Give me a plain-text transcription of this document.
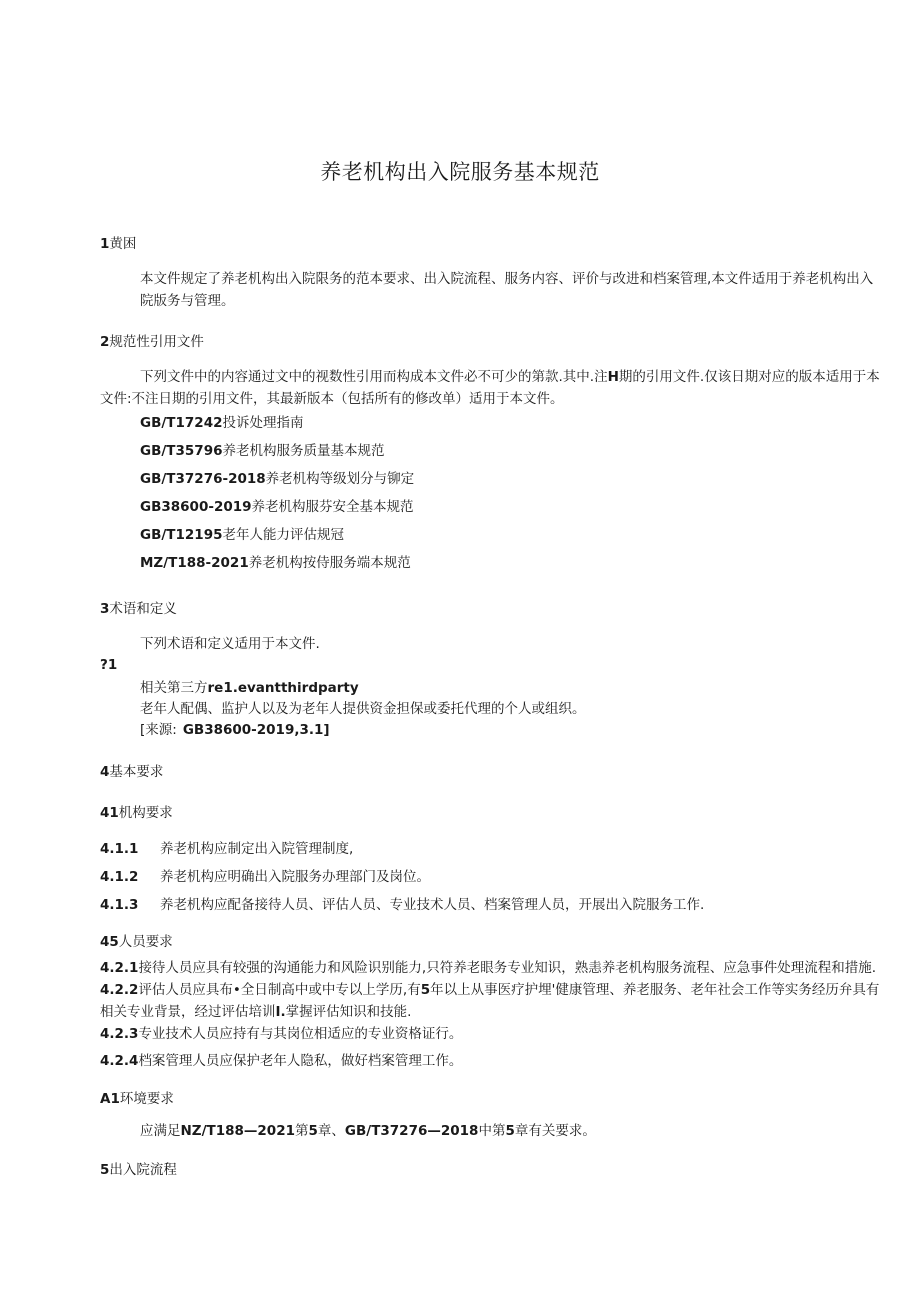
养老机构出入院服务基本规范
1黄困
本文件规定了养老机构出入院限务的范本要求、出入院流程、服务内容、评价与改进和档案管理,本文件适用于养老机构出入
院版务与管理。
2规范性引用文件
下列文件中的内容通过文中的视数性引用而构成本文件必不可少的第款.其中.注H期的引用文件.仅该日期对应的版本适用于本
文件:不注日期的引用文件，其最新版本（包括所有的修改单）适用于本文件。
GB/T17242投诉处理指南
GB/T35796养老机构服务质量基本规范
GB/T37276-2018养老机构等级划分与铆定
GB38600-2019养老机构服芬安全基本规范
GB/T12195老年人能力评估规冠
MZ/T188-2021养老机构按侍服务端本规范
3术语和定义
下列术语和定义适用于本文件.
?1
相关第三方re1.evantthirdparty
老年人配偶、监护人以及为老年人提供资金担保或委托代理的个人或组织。
[来源: GB38600-2019,3.1]
4基本要求
41机构要求
4.1.1 养老机构应制定出入院管理制度,
4.1.2 养老机构应明确出入院服务办理部门及岗位。
4.1.3 养老机构应配备接待人员、评估人员、专业技术人员、档案管理人员，开展出入院服务工作.
45人员要求
4.2.1接待人员应具有较强的沟通能力和风险识别能力,只符养老眼务专业知识，熟恚养老机构服务流程、应急事件处理流程和措施.
4.2.2评估人员应具布•全日制高中或中专以上学历,有5年以上从事医疗护埋'健康管理、养老服务、老年社会工作等实务经历弁具有
相关专业背景，经过评估培训I.掌握评估知识和技能.
4.2.3专业技术人员应持有与其岗位相适应的专业资格证行。
4.2.4档案管理人员应保护老年人隐私，做好档案管理工作。
A1环境要求
应满足NZ/T188—2021第5章、GB/T37276—2018中第5章有关要求。
5出入院流程
